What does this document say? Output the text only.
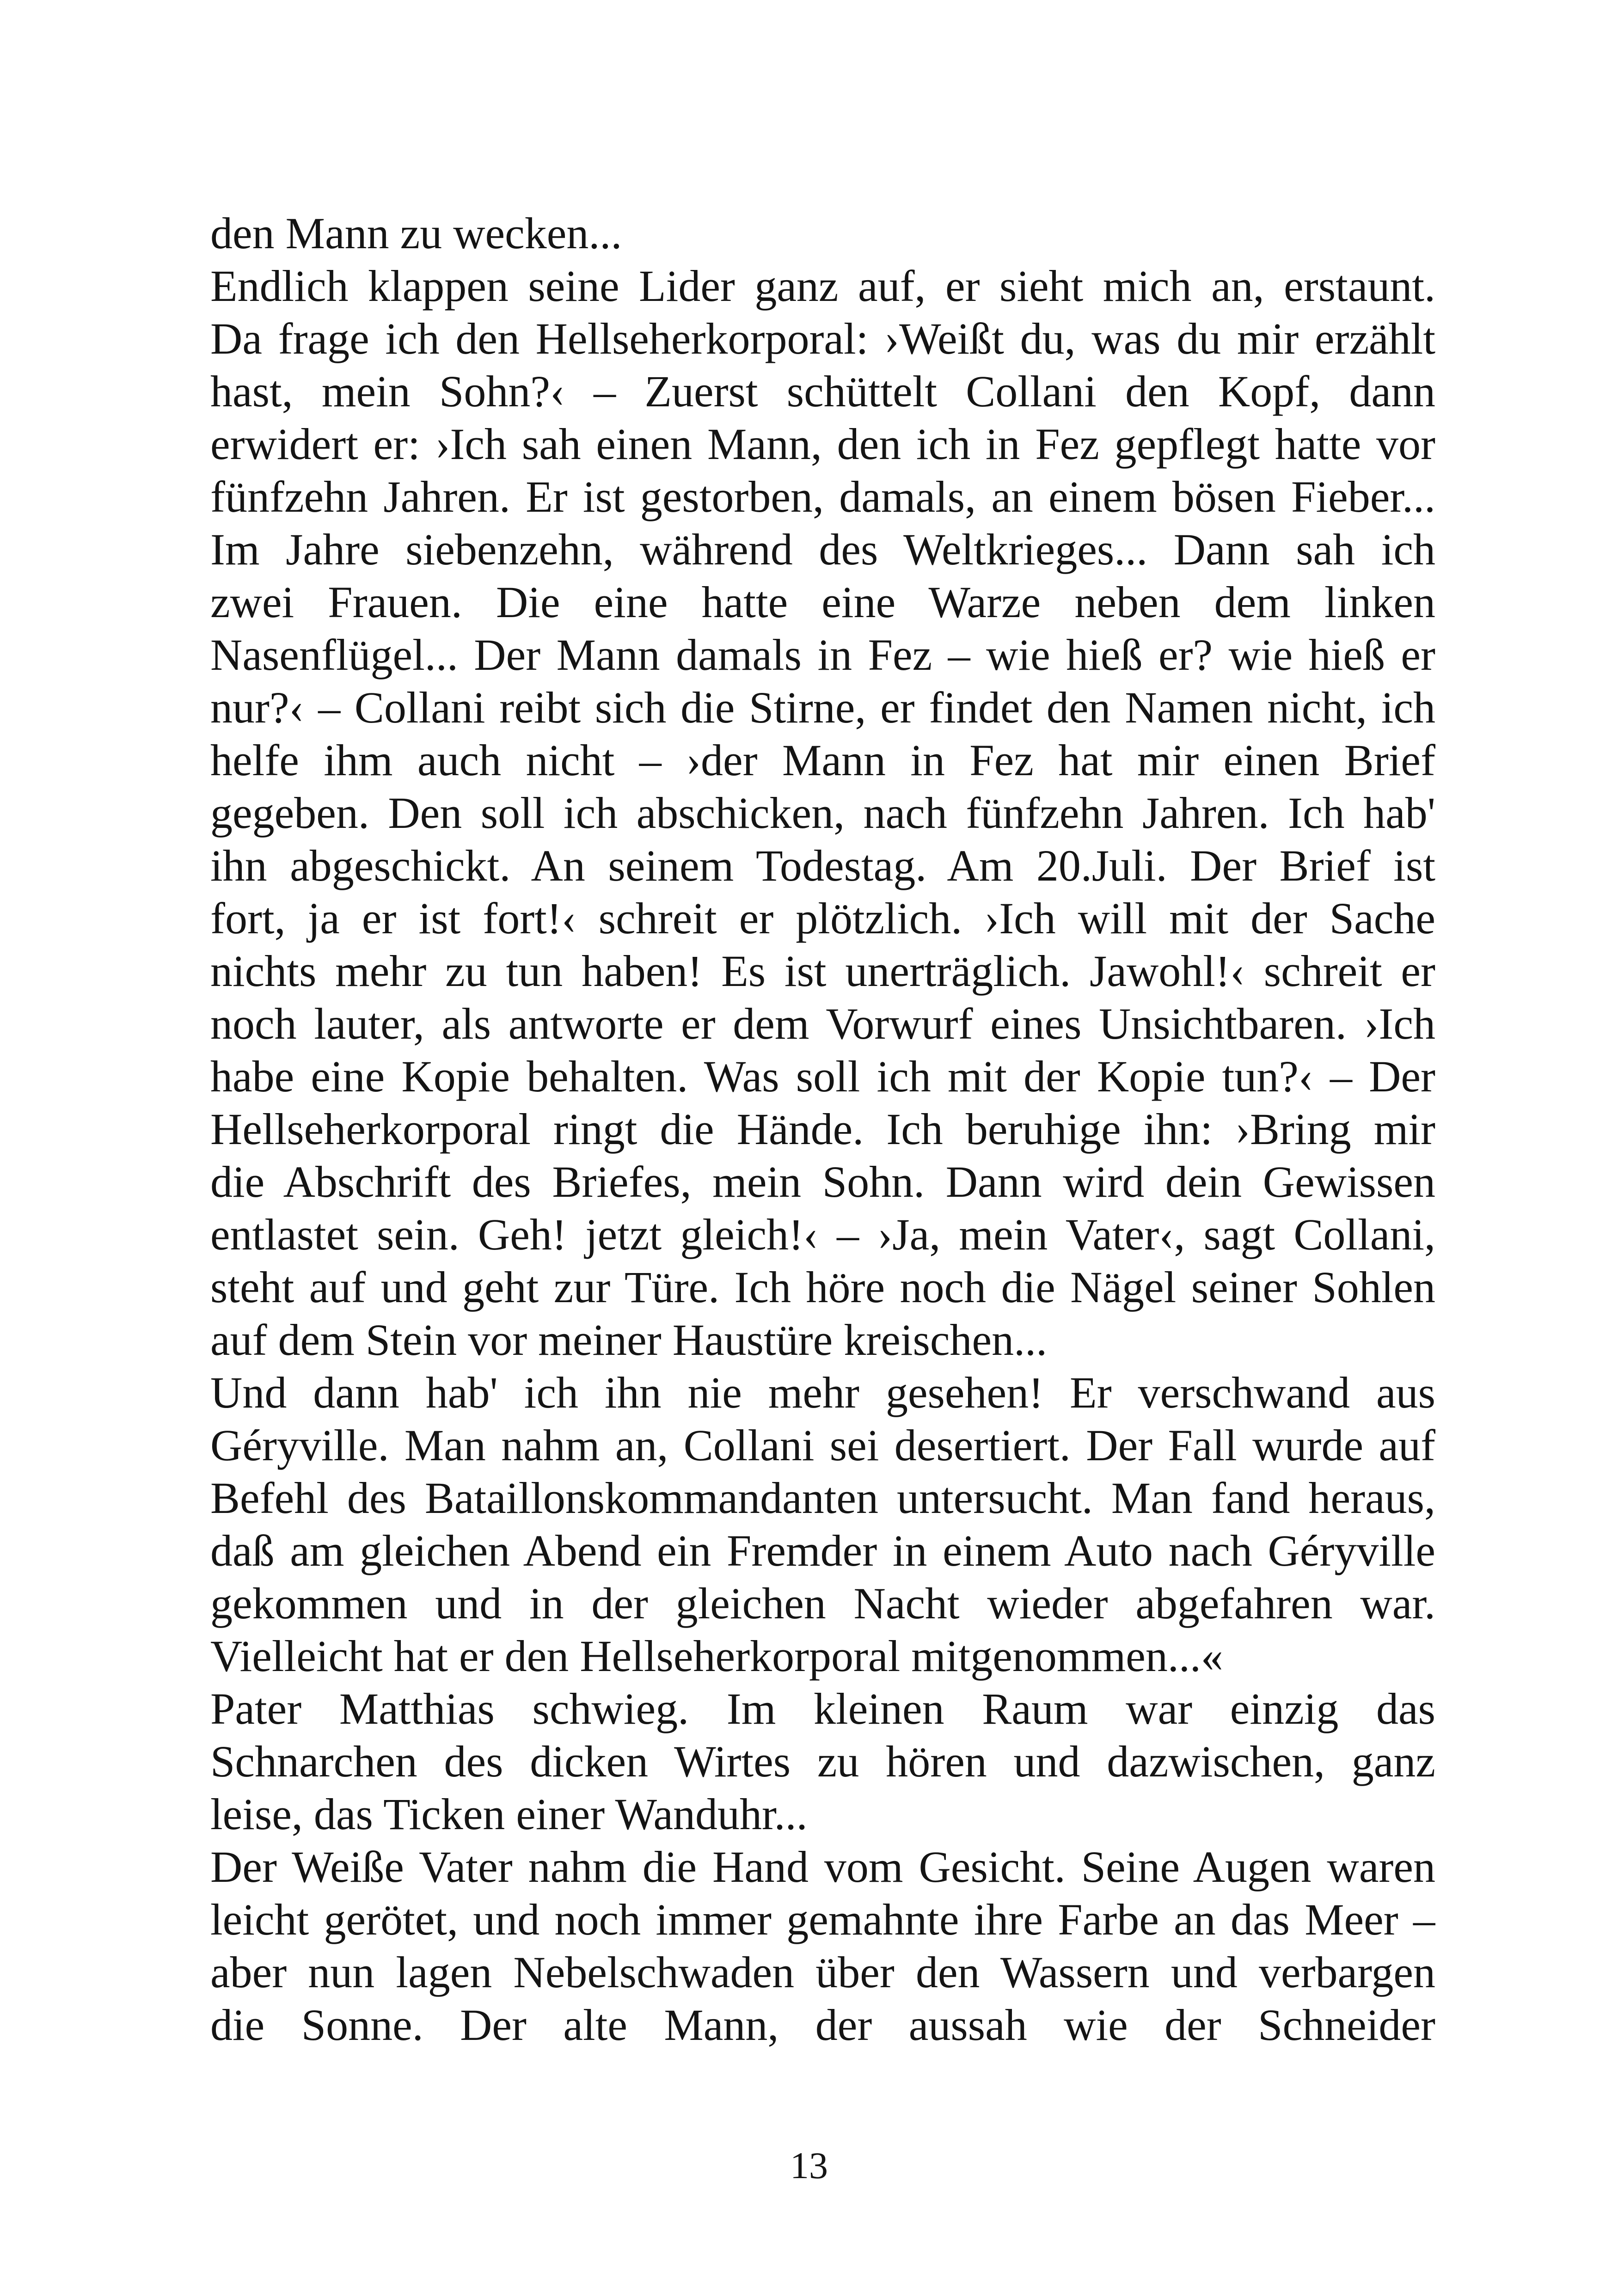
den Mann zu wecken...
Endlich klappen seine Lider ganz auf, er sieht mich an, erstaunt.
Da frage ich den Hellseherkorporal: ›Weißt du, was du mir erzählt
hast, mein Sohn?‹ – Zuerst schüttelt Collani den Kopf, dann
erwidert er: ›Ich sah einen Mann, den ich in Fez gepflegt hatte vor
fünfzehn Jahren. Er ist gestorben, damals, an einem bösen Fieber...
Im Jahre siebenzehn, während des Weltkrieges... Dann sah ich
zwei Frauen. Die eine hatte eine Warze neben dem linken
Nasenflügel... Der Mann damals in Fez – wie hieß er? wie hieß er
nur?‹ – Collani reibt sich die Stirne, er findet den Namen nicht, ich
helfe ihm auch nicht – ›der Mann in Fez hat mir einen Brief
gegeben. Den soll ich abschicken, nach fünfzehn Jahren. Ich hab'
ihn abgeschickt. An seinem Todestag. Am 20.Juli. Der Brief ist
fort, ja er ist fort!‹ schreit er plötzlich. ›Ich will mit der Sache
nichts mehr zu tun haben! Es ist unerträglich. Jawohl!‹ schreit er
noch lauter, als antworte er dem Vorwurf eines Unsichtbaren. ›Ich
habe eine Kopie behalten. Was soll ich mit der Kopie tun?‹ – Der
Hellseherkorporal ringt die Hände. Ich beruhige ihn: ›Bring mir
die Abschrift des Briefes, mein Sohn. Dann wird dein Gewissen
entlastet sein. Geh! jetzt gleich!‹ – ›Ja, mein Vater‹, sagt Collani,
steht auf und geht zur Türe. Ich höre noch die Nägel seiner Sohlen
auf dem Stein vor meiner Haustüre kreischen...
Und dann hab' ich ihn nie mehr gesehen! Er verschwand aus
Géryville. Man nahm an, Collani sei desertiert. Der Fall wurde auf
Befehl des Bataillonskommandanten untersucht. Man fand heraus,
daß am gleichen Abend ein Fremder in einem Auto nach Géryville
gekommen und in der gleichen Nacht wieder abgefahren war.
Vielleicht hat er den Hellseherkorporal mitgenommen...«
Pater Matthias schwieg. Im kleinen Raum war einzig das
Schnarchen des dicken Wirtes zu hören und dazwischen, ganz
leise, das Ticken einer Wanduhr...
Der Weiße Vater nahm die Hand vom Gesicht. Seine Augen waren
leicht gerötet, und noch immer gemahnte ihre Farbe an das Meer –
aber nun lagen Nebelschwaden über den Wassern und verbargen
die Sonne. Der alte Mann, der aussah wie der Schneider
13
